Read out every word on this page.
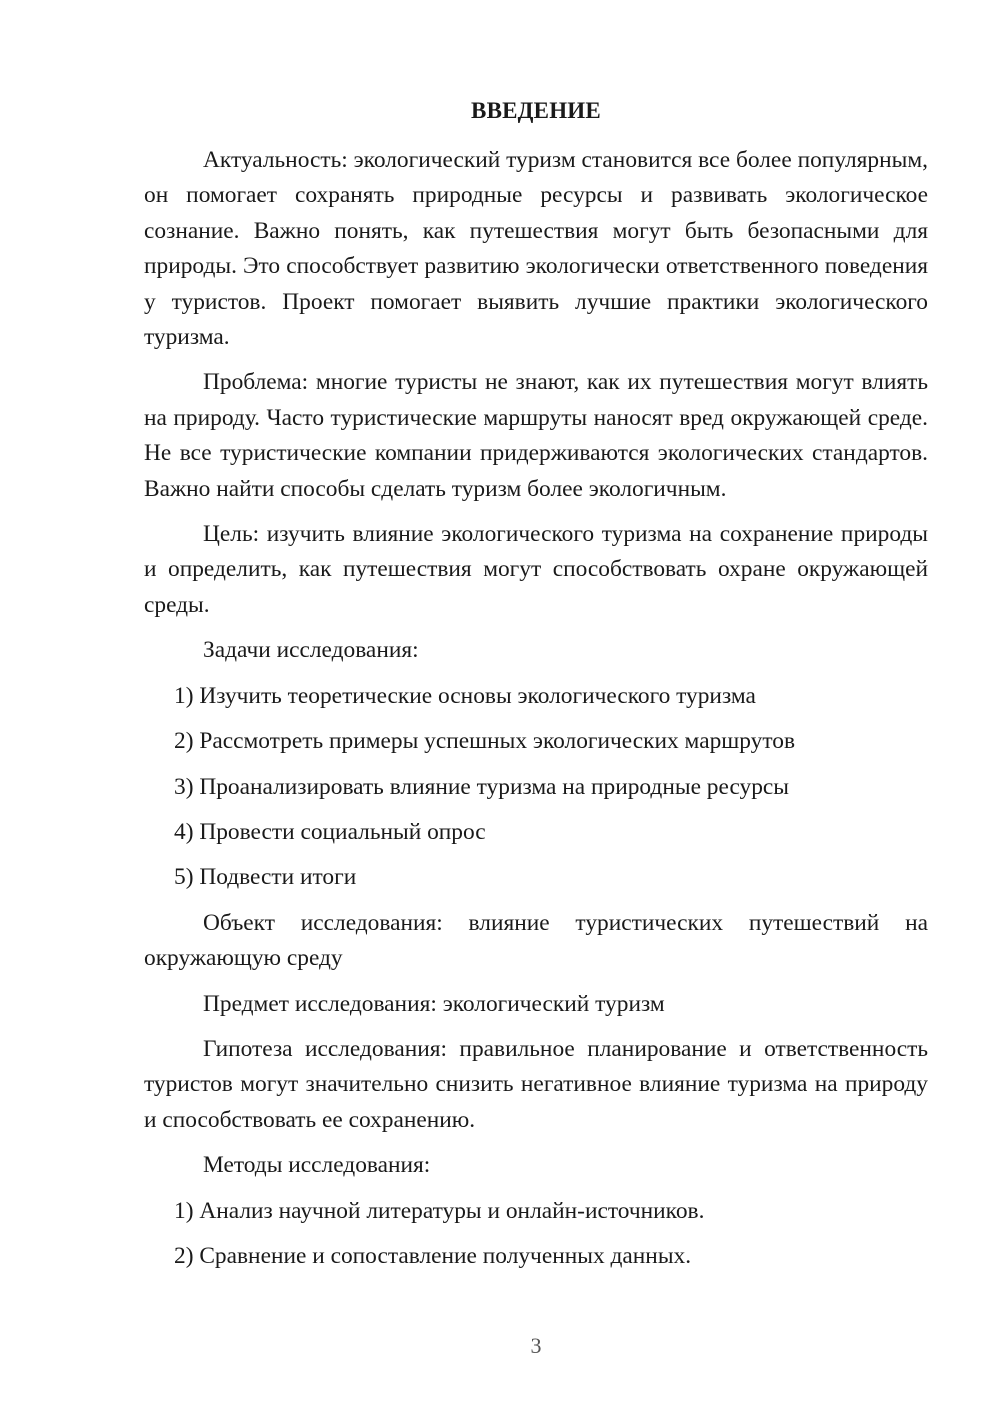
ВВЕДЕНИЕ

Актуальность: экологический туризм становится все более популярным, он помогает сохранять природные ресурсы и развивать экологическое сознание. Важно понять, как путешествия могут быть безопасными для природы. Это способствует развитию экологически ответственного поведения у туристов. Проект помогает выявить лучшие практики экологического туризма.

Проблема: многие туристы не знают, как их путешествия могут влиять на природу. Часто туристические маршруты наносят вред окружающей среде. Не все туристические компании придерживаются экологических стандартов. Важно найти способы сделать туризм более экологичным.

Цель: изучить влияние экологического туризма на сохранение природы и определить, как путешествия могут способствовать охране окружающей среды.

Задачи исследования:

1) Изучить теоретические основы экологического туризма

2) Рассмотреть примеры успешных экологических маршрутов

3) Проанализировать влияние туризма на природные ресурсы

4) Провести социальный опрос

5) Подвести итоги

Объект исследования: влияние туристических путешествий на окружающую среду

Предмет исследования: экологический туризм

Гипотеза исследования: правильное планирование и ответственность туристов могут значительно снизить негативное влияние туризма на природу и способствовать ее сохранению.

Методы исследования:

1) Анализ научной литературы и онлайн-источников.

2) Сравнение и сопоставление полученных данных.

3
